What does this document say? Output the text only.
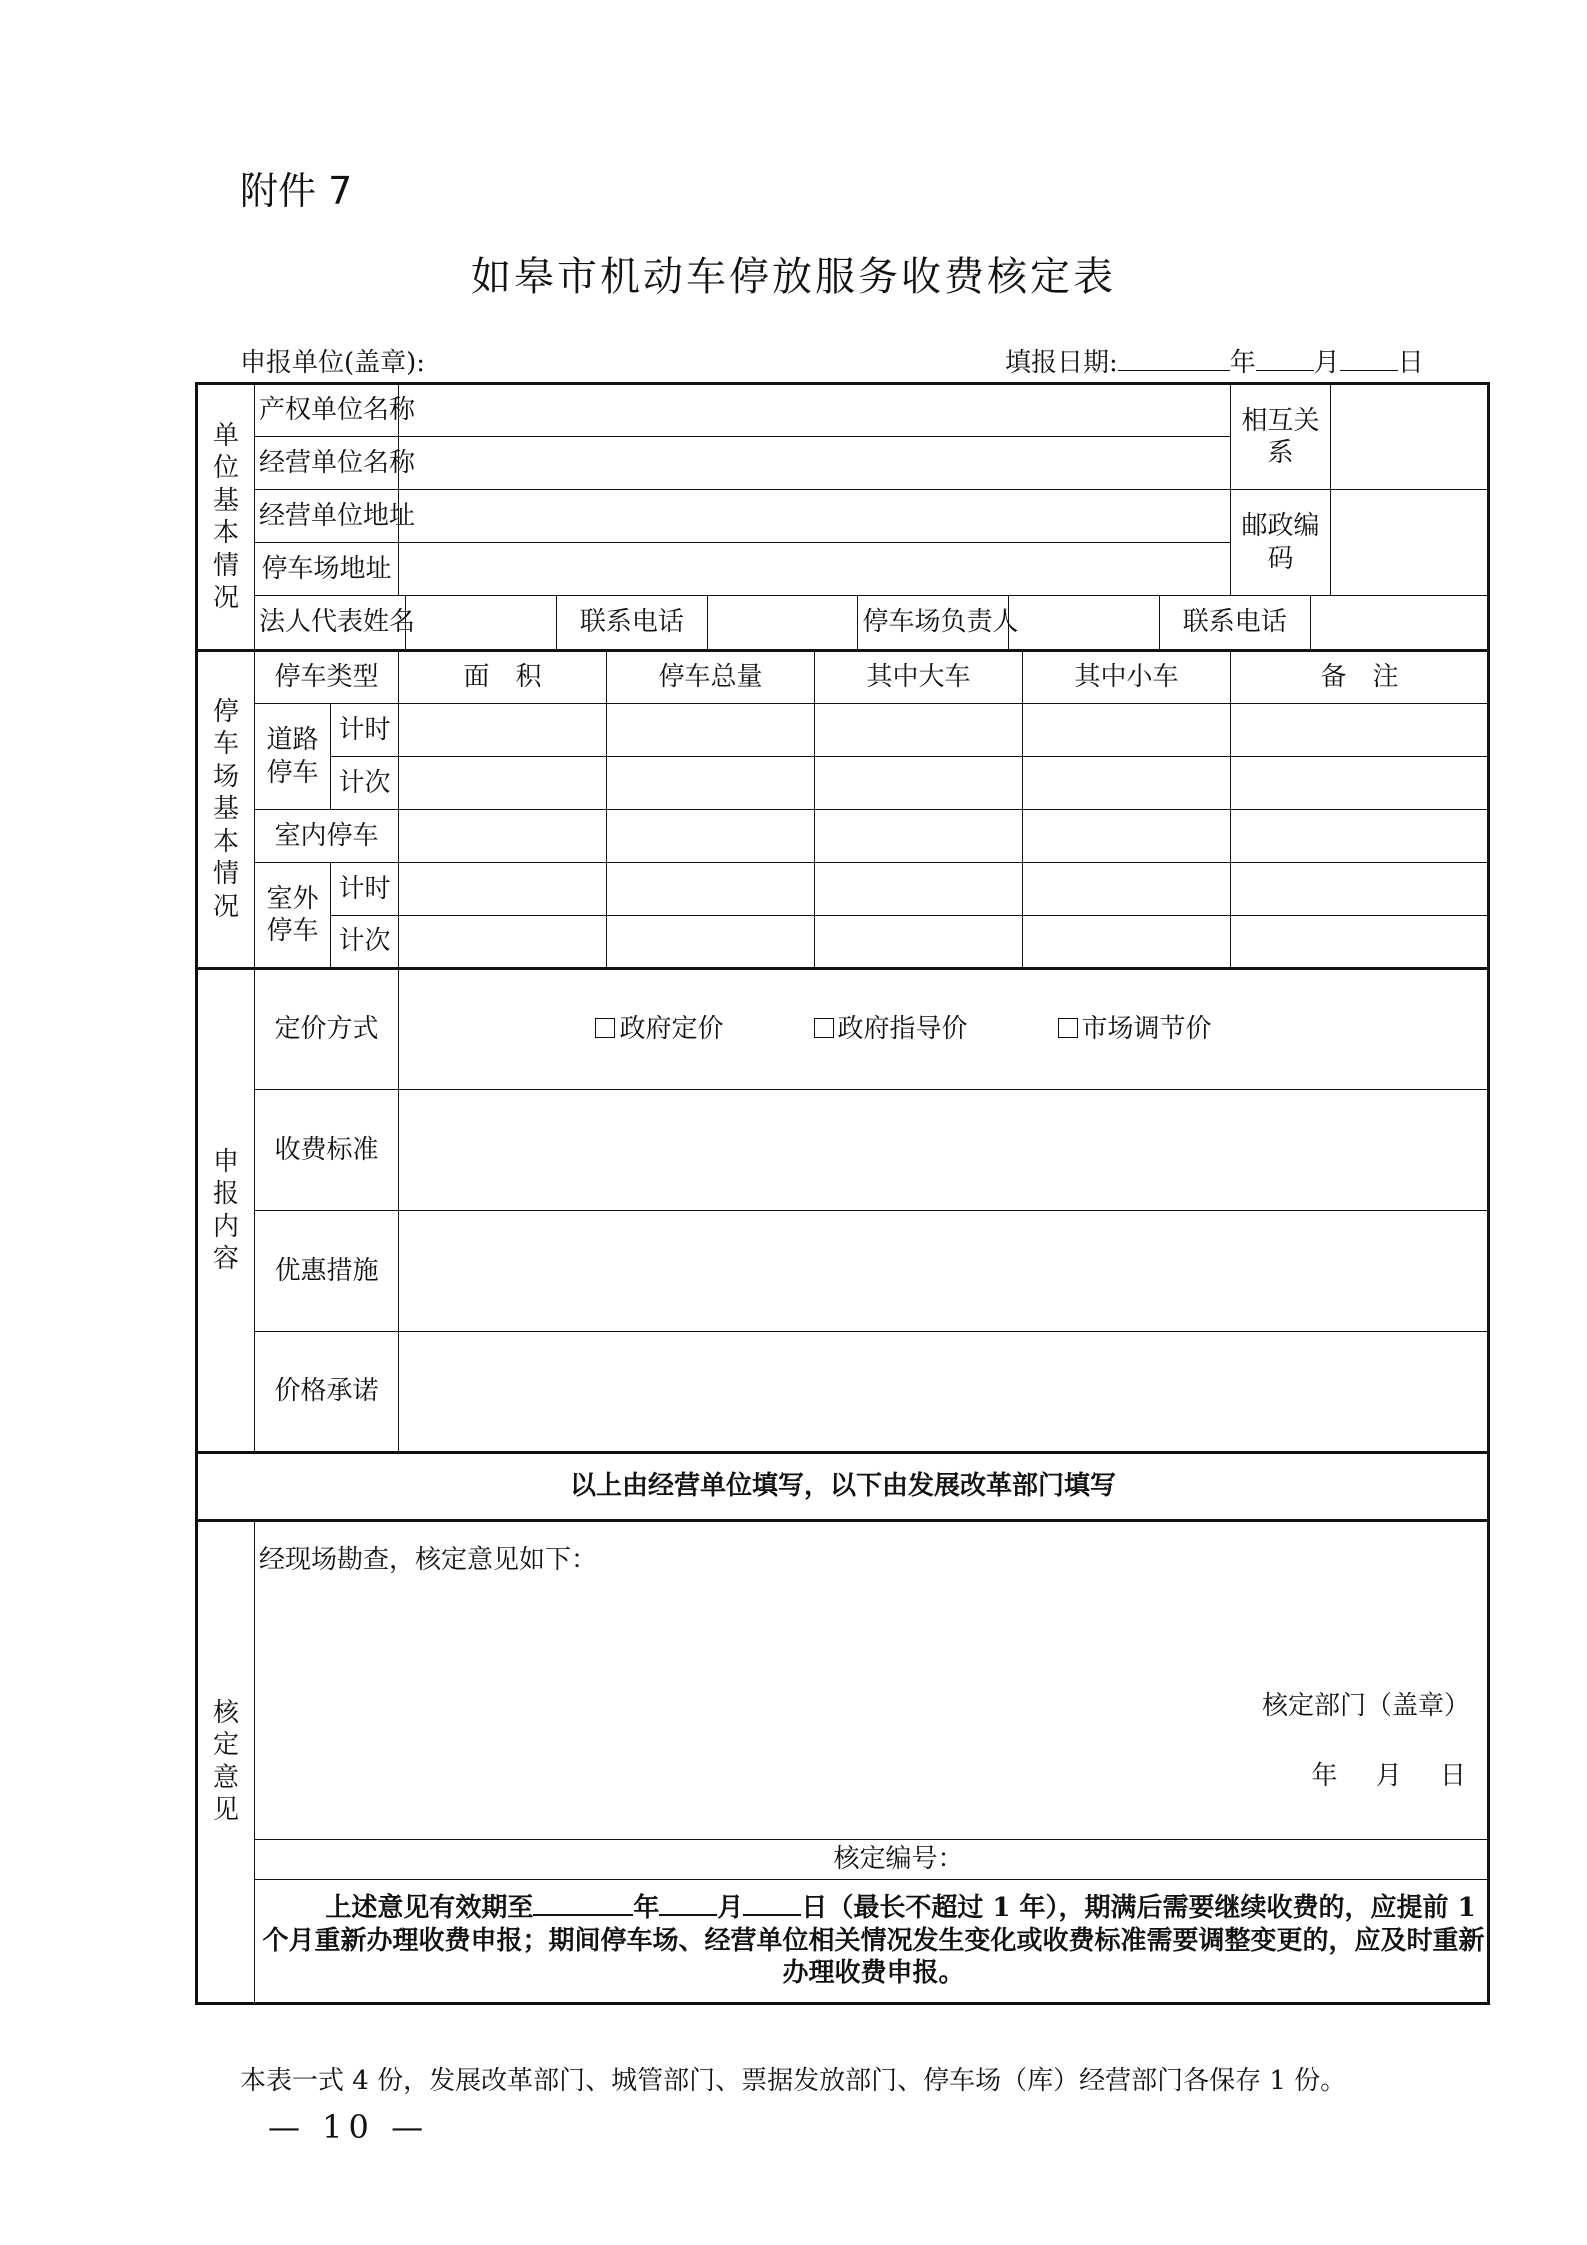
附件 7
如皋市机动车停放服务收费核定表
申报单位(盖章):	填报日期:	年 月 日
单位基本情况	产权单位名称		相互关系	
经营单位名称	
经营单位地址		邮政编码	
停车场地址	

法人代表姓名		联系电话		停车场负责人		联系电话	

停车场基本情况	停车类型	面　积	停车总量	其中大车	其中小车	备　注
道路停车	计时					
计次					
室内停车					
室外停车	计时					
计次					
申报内容	定价方式	政府定价	政府指导价	市场调节价
收费标准	
优惠措施	
价格承诺	
以上由经营单位填写，以下由发展改革部门填写
核定意见	
经现场勘查，核定意见如下：
核定部门（盖章）
年 月 日

核定编号：
上述意见有效期至	年 月 日（最长不超过 1 年），期满后需要继续收费的，应提前 1 个月重新办理收费申报；期间停车场、经营单位相关情况发生变化或收费标准需要调整变更的，应及时重新办理收费申报。
本表一式 4 份，发展改革部门、城管部门、票据发放部门、停车场（库）经营部门各保存 1 份。
— 10 —
